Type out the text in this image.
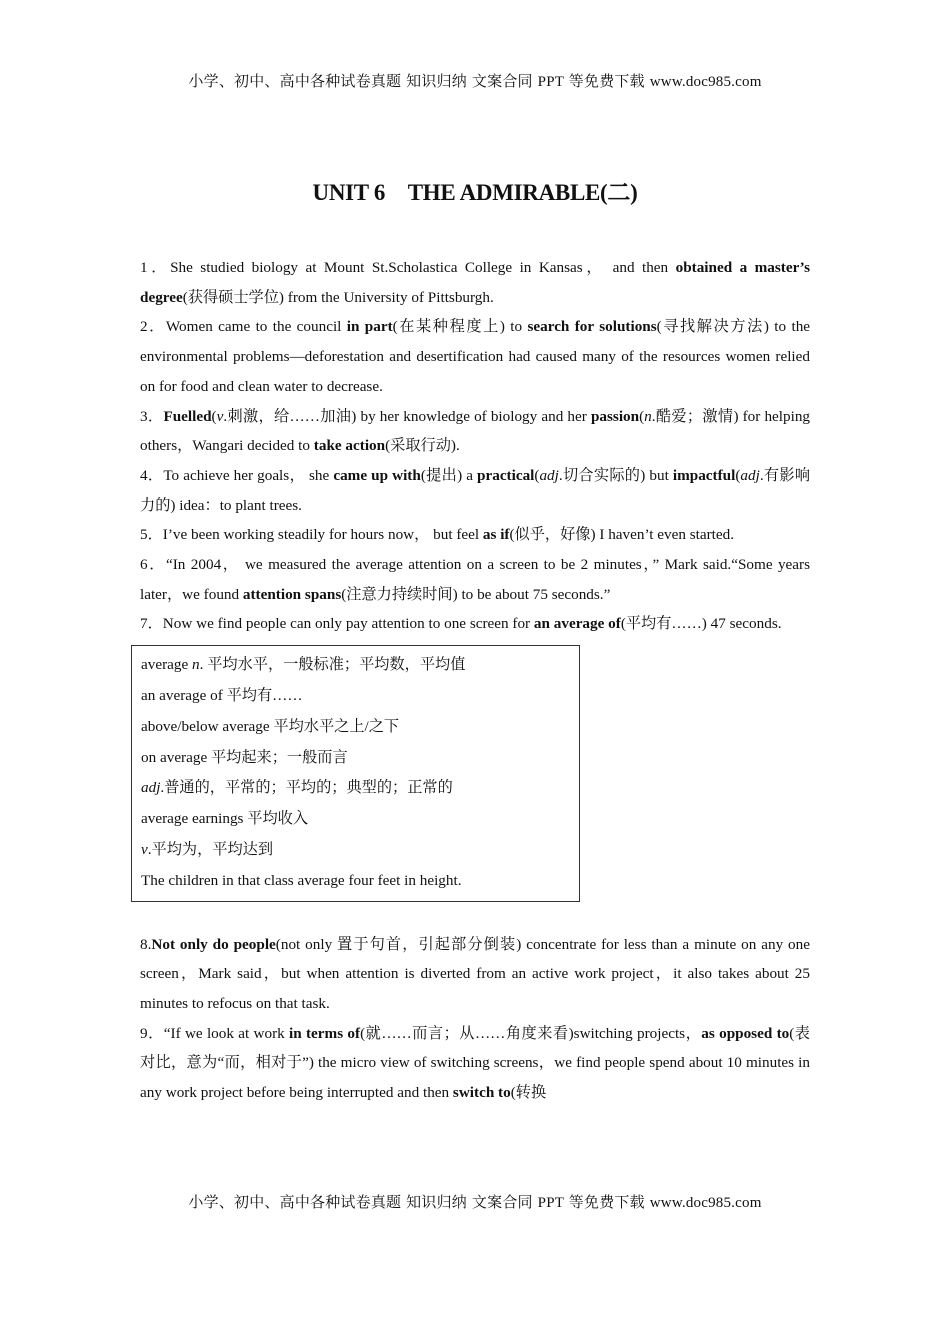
小学、初中、高中各种试卷真题 知识归纳 文案合同 PPT 等免费下载 www.doc985.com
UNIT 6　THE ADMIRABLE(二)

1．She studied biology at Mount St.Scholastica College in Kansas， and then obtained a master’s degree(获得硕士学位) from the University of Pittsburgh.

2．Women came to the council in part(在某种程度上) to search for solutions(寻找解决方法) to the environmental problems—deforestation and desertification had caused many of the resources women relied on for food and clean water to decrease.

3．Fuelled(v.刺激，给……加油) by her knowledge of biology and her passion(n.酷爱；激情) for helping others，Wangari decided to take action(采取行动).

4．To achieve her goals， she came up with(提出) a practical(adj.切合实际的) but impactful(adj.有影响力的) idea：to plant trees.

5．I’ve been working steadily for hours now， but feel as if(似乎，好像) I haven’t even started.

6．“In 2004， we measured the average attention on a screen to be 2 minutes，” Mark said.“Some years later，we found attention spans(注意力持续时间) to be about 75 seconds.”

7．Now we find people can only pay attention to one screen for an average of(平均有……) 47 seconds.

average n. 平均水平，一般标准；平均数，平均值

an average of 平均有……

above/below average 平均水平之上/之下

on average 平均起来；一般而言

adj.普通的，平常的；平均的；典型的；正常的

average earnings 平均收入

v.平均为，平均达到

The children in that class average four feet in height.

8.Not only do people(not only 置于句首，引起部分倒装) concentrate for less than a minute on any one screen，Mark said，but when attention is diverted from an active work project，it also takes about 25 minutes to refocus on that task.

9．“If we look at work in terms of(就……而言；从……角度来看)switching projects，as opposed to(表对比，意为“而，相对于”) the micro view of switching screens，we find people spend about 10 minutes in any work project before being interrupted and then switch to(转换

小学、初中、高中各种试卷真题 知识归纳 文案合同 PPT 等免费下载 www.doc985.com
